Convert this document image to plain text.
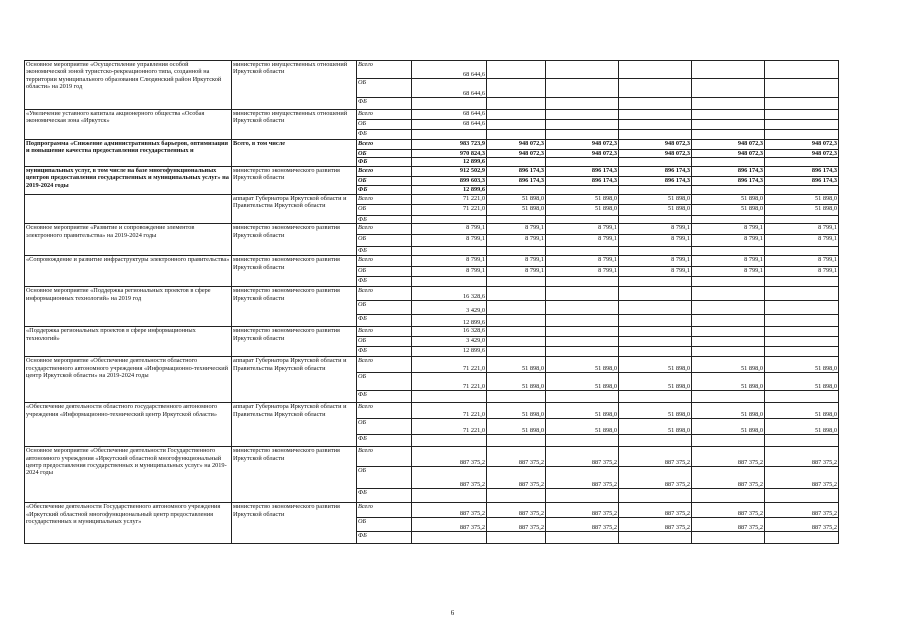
Основное мероприятие «Осуществление управления особой экономической зоной туристско-рекреационного типа, созданной на территории муниципального образования Слюдянский район Иркутской области» на 2019 год	министерство имущественных отношений Иркутской области	Всего	68 644,6					
		ОБ	68 644,6					
		ФБ						
«Увеличение уставного капитала акционерного общества «Особая экономическая зона «Иркутск»	министерство имущественных отношений Иркутской области	Всего	68 644,6					
		ОБ	68 644,6					
		ФБ						
Подпрограмма «Снижение административных барьеров, оптимизация и повышение качества предоставления государственных и	Всего, в том числе	Всего	983 723,9	948 072,3	948 072,3	948 072,3	948 072,3	948 072,3
		ОБ	970 824,3	948 072,3	948 072,3	948 072,3	948 072,3	948 072,3
		ФБ	12 899,6					
муниципальных услуг, в том числе на базе многофункциональных центров предоставления государственных и муниципальных услуг» на 2019-2024 годы	министерство экономического развития Иркутской области	Всего	912 502,9	896 174,3	896 174,3	896 174,3	896 174,3	896 174,3
		ОБ	899 603,3	896 174,3	896 174,3	896 174,3	896 174,3	896 174,3
		ФБ	12 899,6					
	аппарат Губернатора Иркутской области и Правительства Иркутской области	Всего	71 221,0	51 898,0	51 898,0	51 898,0	51 898,0	51 898,0
		ОБ	71 221,0	51 898,0	51 898,0	51 898,0	51 898,0	51 898,0
		ФБ						
Основное мероприятие «Развитие и сопровождение элементов электронного правительства» на 2019-2024 годы	министерство экономического развития Иркутской области	Всего	8 799,1	8 799,1	8 799,1	8 799,1	8 799,1	8 799,1
		ОБ	8 799,1	8 799,1	8 799,1	8 799,1	8 799,1	8 799,1
		ФБ						
«Сопровождение и развитие инфраструктуры электронного правительства»	министерство экономического развития Иркутской области	Всего	8 799,1	8 799,1	8 799,1	8 799,1	8 799,1	8 799,1
		ОБ	8 799,1	8 799,1	8 799,1	8 799,1	8 799,1	8 799,1
		ФБ						
Основное мероприятие «Поддержка региональных проектов в сфере информационных технологий» на 2019 год	министерство экономического развития Иркутской области	Всего	16 328,6					
		ОБ	3 429,0					
		ФБ	12 899,6					
«Поддержка региональных проектов в сфере информационных технологий»	министерство экономического развития Иркутской области	Всего	16 328,6					
		ОБ	3 429,0					
		ФБ	12 899,6					
Основное мероприятие «Обеспечение деятельности областного государственного автономного учреждения «Информационно-технический центр Иркутской области» на 2019-2024 годы	аппарат Губернатора Иркутской области и Правительства Иркутской области	Всего	71 221,0	51 898,0	51 898,0	51 898,0	51 898,0	51 898,0
		ОБ	71 221,0	51 898,0	51 898,0	51 898,0	51 898,0	51 898,0
		ФБ						
«Обеспечение деятельности областного государственного автономного учреждения «Информационно-технический центр Иркутской области»	аппарат Губернатора Иркутской области и Правительства Иркутской области	Всего	71 221,0	51 898,0	51 898,0	51 898,0	51 898,0	51 898,0
		ОБ	71 221,0	51 898,0	51 898,0	51 898,0	51 898,0	51 898,0
		ФБ						
Основное мероприятие «Обеспечение деятельности Государственного автономного учреждения «Иркутский областной многофункциональный центр предоставления государственных и муниципальных услуг» на 2019-2024 годы	министерство экономического развития Иркутской области	Всего	887 375,2	887 375,2	887 375,2	887 375,2	887 375,2	887 375,2
		ОБ	887 375,2	887 375,2	887 375,2	887 375,2	887 375,2	887 375,2
		ФБ						
«Обеспечение деятельности Государственного автономного учреждения «Иркутский областной многофункциональный центр предоставления государственных и муниципальных услуг»	министерство экономического развития Иркутской области	Всего	887 375,2	887 375,2	887 375,2	887 375,2	887 375,2	887 375,2
		ОБ	887 375,2	887 375,2	887 375,2	887 375,2	887 375,2	887 375,2
		ФБ						
6
